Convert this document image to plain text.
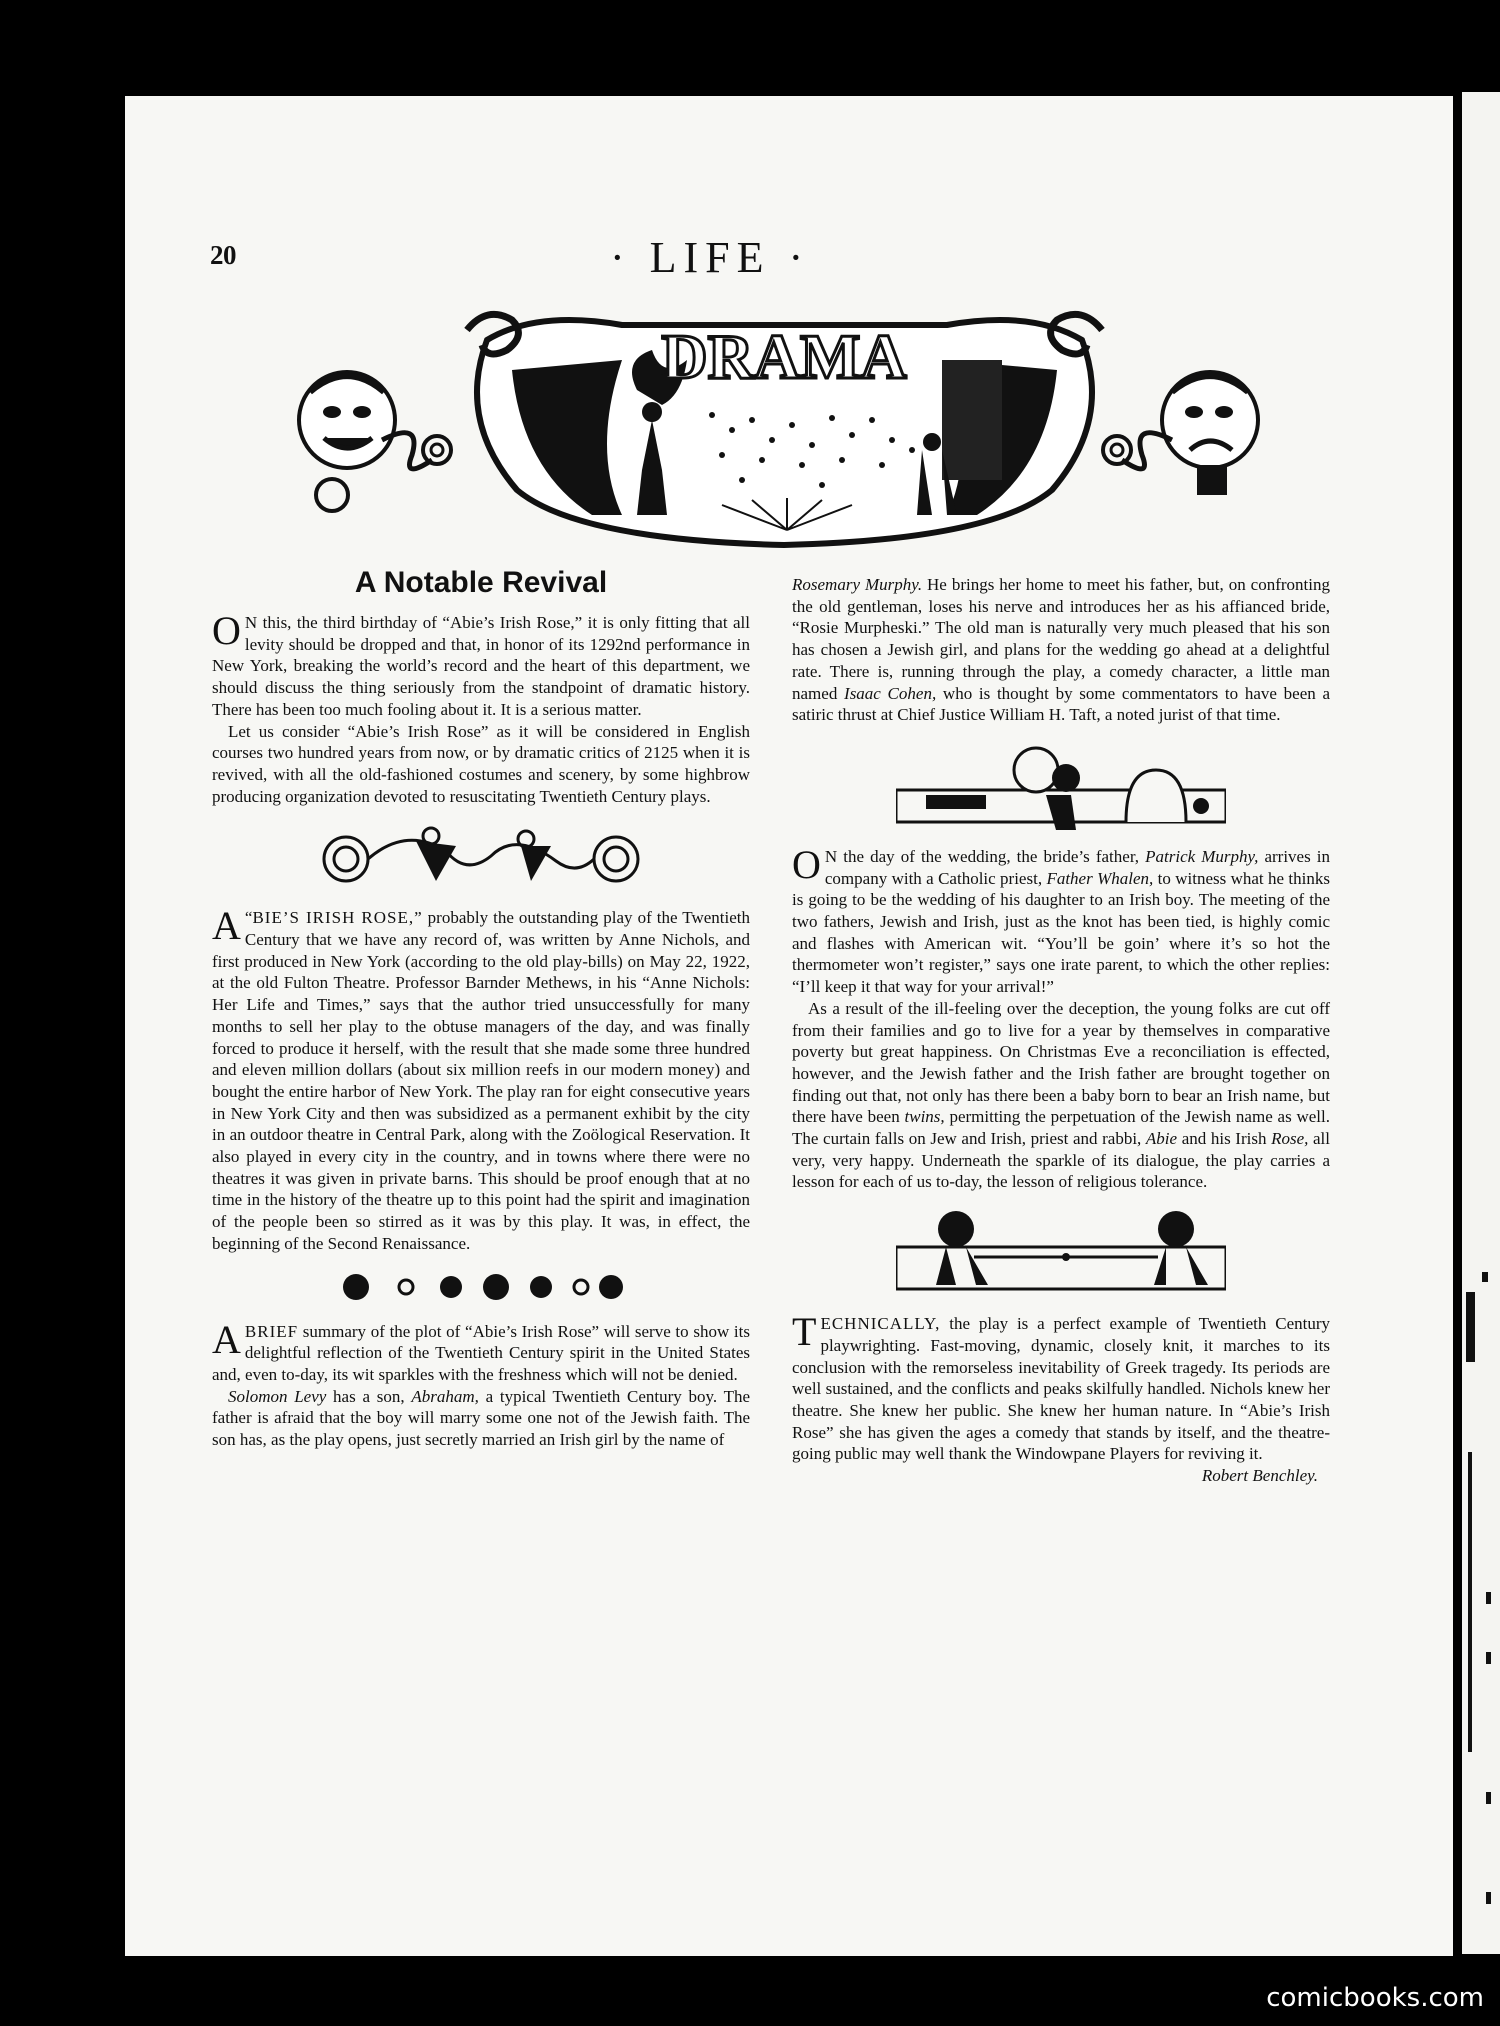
20	· LIFE ·
DRAMA
A Notable Revival

O N this, the third birthday of “Abie’s Irish Rose,” it is only fitting that all levity should be dropped and that, in honor of its 1292nd performance in New York, breaking the world’s record and the heart of this department, we should discuss the thing seriously from the standpoint of dramatic history. There has been too much fooling about it. It is a serious matter.

Let us consider “Abie’s Irish Rose” as it will be considered in English courses two hundred years from now, or by dramatic critics of 2125 when it is revived, with all the old-fashioned costumes and scenery, by some highbrow producing organization devoted to resuscitating Twentieth Century plays.

“
A BIE’S IRISH ROSE,” probably the outstanding play of the Twentieth Century that we have any record of, was written by Anne Nichols, and first produced in New York (according to the old play-bills) on May 22, 1922, at the old Fulton Theatre. Professor Barnder Methews, in his “Anne Nichols: Her Life and Times,” says that the author tried unsuccessfully for many months to sell her play to the obtuse managers of the day, and was finally forced to produce it herself, with the result that she made some three hundred and eleven million dollars (about six million reefs in our modern money) and bought the entire harbor of New York. The play ran for eight consecutive years in New York City and then was subsidized as a permanent exhibit by the city in an outdoor theatre in Central Park, along with the Zoölogical Reservation. It also played in every city in the country, and in towns where there were no theatres it was given in private barns. This should be proof enough that at no time in the history of the theatre up to this point had the spirit and imagination of the people been so stirred as it was by this play. It was, in effect, the beginning of the Second Renaissance.

ABRIEF summary of the plot of “Abie’s Irish Rose” will serve to show its delightful reflection of the Twentieth Century spirit in the United States and, even to-day, its wit sparkles with the freshness which will not be denied.

Solomon Levy has a son, Abraham, a typical Twentieth Century boy. The father is afraid that the boy will marry some one not of the Jewish faith. The son has, as the play opens, just secretly married an Irish girl by the name of

Rosemary Murphy. He brings her home to meet his father, but, on confronting the old gentleman, loses his nerve and introduces her as his affianced bride, “Rosie Murpheski.” The old man is naturally very much pleased that his son has chosen a Jewish girl, and plans for the wedding go ahead at a delightful rate. There is, running through the play, a comedy character, a little man named Isaac Cohen, who is thought by some commentators to have been a satiric thrust at Chief Justice William H. Taft, a noted jurist of that time.

O N the day of the wedding, the bride’s father, Patrick Murphy, arrives in company with a Catholic priest, Father Whalen, to witness what he thinks is going to be the wedding of his daughter to an Irish boy. The meeting of the two fathers, Jewish and Irish, just as the knot has been tied, is highly comic and flashes with American wit. “You’ll be goin’ where it’s so hot the thermometer won’t register,” says one irate parent, to which the other replies: “I’ll keep it that way for your arrival!”

As a result of the ill-feeling over the deception, the young folks are cut off from their families and go to live for a year by themselves in comparative poverty but great happiness. On Christmas Eve a reconciliation is effected, however, and the Jewish father and the Irish father are brought together on finding out that, not only has there been a baby born to bear an Irish name, but there have been twins, permitting the perpetuation of the Jewish name as well. The curtain falls on Jew and Irish, priest and rabbi, Abie and his Irish Rose, all very, very happy. Underneath the sparkle of its dialogue, the play carries a lesson for each of us to-day, the lesson of religious tolerance.

TECHNICALLY, the play is a perfect example of Twentieth Century playwrighting. Fast-moving, dynamic, closely knit, it marches to its conclusion with the remorseless inevitability of Greek tragedy. Its periods are well sustained, and the conflicts and peaks skilfully handled. Nichols knew her theatre. She knew her public. She knew her human nature. In “Abie’s Irish Rose” she has given the ages a comedy that stands by itself, and the theatre-going public may well thank the Windowpane Players for reviving it.
Robert Benchley.

comicbooks.com
